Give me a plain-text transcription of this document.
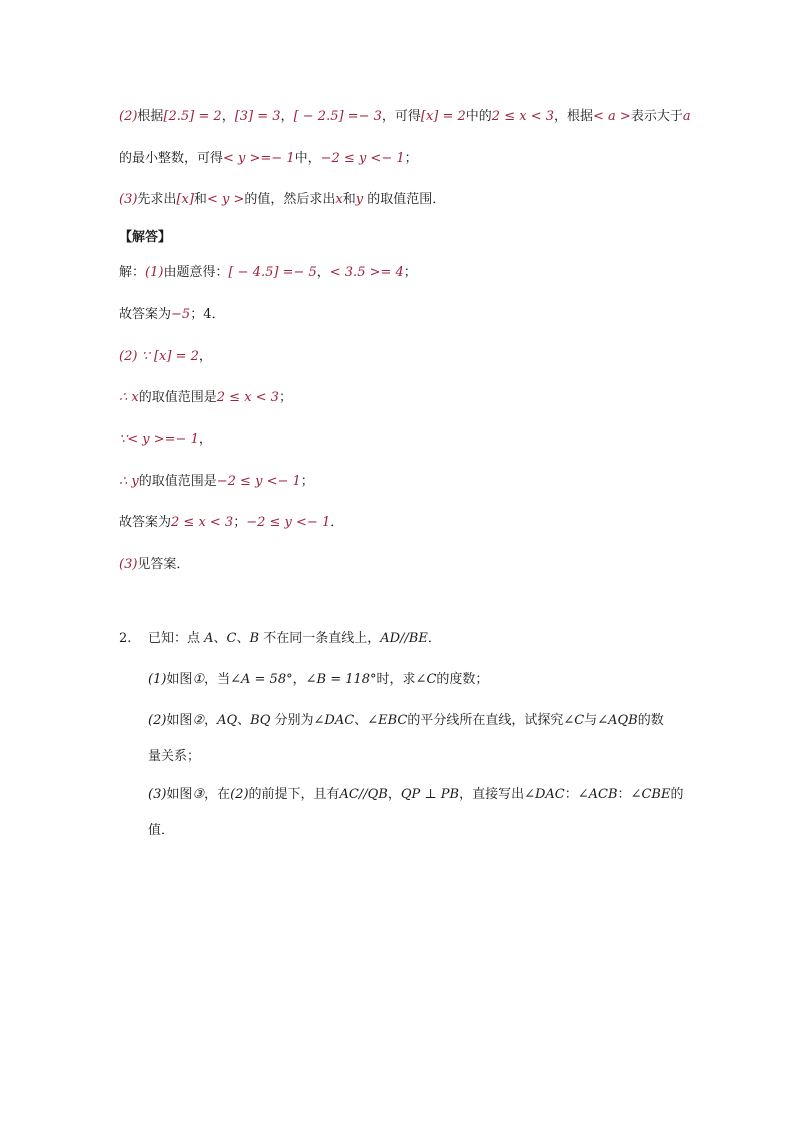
(2)根据[2.5] = 2，[3] = 3，[ − 2.5] =− 3，可得[x] = 2中的2 ≤ x < 3，根据< a >表示大于a
的最小整数，可得< y >=− 1中，−2 ≤ y <− 1；
(3)先求出[x]和< y >的值，然后求出x和y 的取值范围．
【解答】
解：(1)由题意得：[ − 4.5] =− 5，< 3.5 >= 4；
故答案为−5；4．
(2) ∵ [x] = 2，
∴ x的取值范围是2 ≤ x < 3；
∵< y >=− 1，
∴ y的取值范围是−2 ≤ y <− 1；
故答案为2 ≤ x < 3；−2 ≤ y <− 1．
(3)见答案．
2. 已知：点 A、C、B 不在同一条直线上，AD//BE．
(1)如图①，当∠A = 58°，∠B = 118°时，求∠C的度数；
(2)如图②，AQ、BQ 分别为∠DAC、∠EBC的平分线所在直线，试探究∠C与∠AQB的数
量关系；
(3)如图③，在(2)的前提下，且有AC//QB，QP ⊥ PB，直接写出∠DAC：∠ACB：∠CBE的
值．
